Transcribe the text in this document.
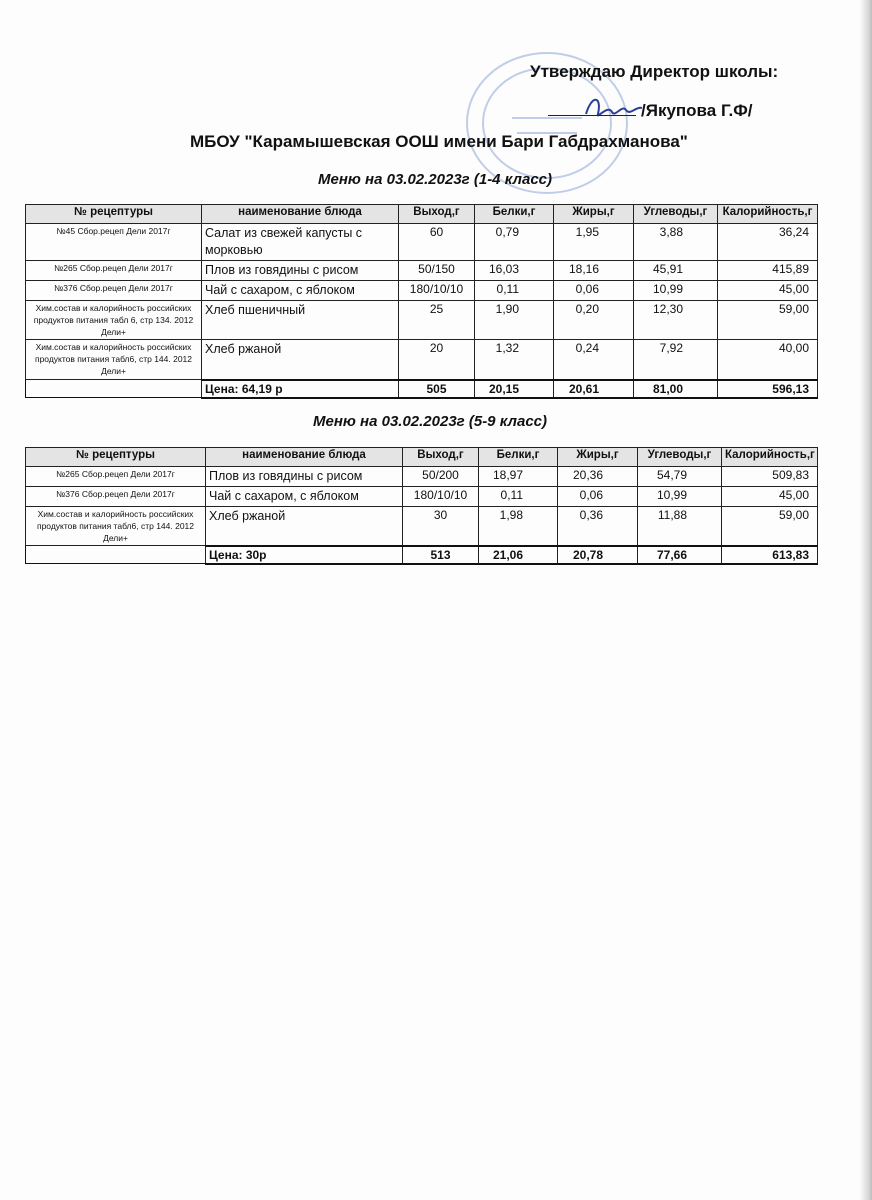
Утверждаю Директор школы:
/Якупова Г.Ф/
МБОУ "Карамышевская ООШ имени Бари Габдрахманова"
Меню на 03.02.2023г (1-4 класс)
№ рецептуры	наименование блюда	Выход,г	Белки,г	Жиры,г	Углеводы,г	Калорийность,г
№45 Сбор.рецеп Дели 2017г	Салат из свежей капусты с морковью	60	0,79	1,95	3,88	36,24
№265 Сбор.рецеп Дели 2017г	Плов из говядины с рисом	50/150	16,03	18,16	45,91	415,89
№376 Сбор.рецеп Дели 2017г	Чай с сахаром, с яблоком	180/10/10	0,11	0,06	10,99	45,00
Хим.состав и калорийность российских продуктов питания табл 6, стр 134. 2012 Дели+	Хлеб пшеничный	25	1,90	0,20	12,30	59,00
Хим.состав и калорийность российских продуктов питания табл6, стр 144. 2012 Дели+	Хлеб ржаной	20	1,32	0,24	7,92	40,00
	Цена: 64,19 р	505	20,15	20,61	81,00	596,13
Меню на 03.02.2023г (5-9 класс)
№ рецептуры	наименование блюда	Выход,г	Белки,г	Жиры,г	Углеводы,г	Калорийность,г
№265 Сбор.рецеп Дели 2017г	Плов из говядины с рисом	50/200	18,97	20,36	54,79	509,83
№376 Сбор.рецеп Дели 2017г	Чай с сахаром, с яблоком	180/10/10	0,11	0,06	10,99	45,00
Хим.состав и калорийность российских продуктов питания табл6, стр 144. 2012 Дели+	Хлеб ржаной	30	1,98	0,36	11,88	59,00
	Цена: 30р	513	21,06	20,78	77,66	613,83
